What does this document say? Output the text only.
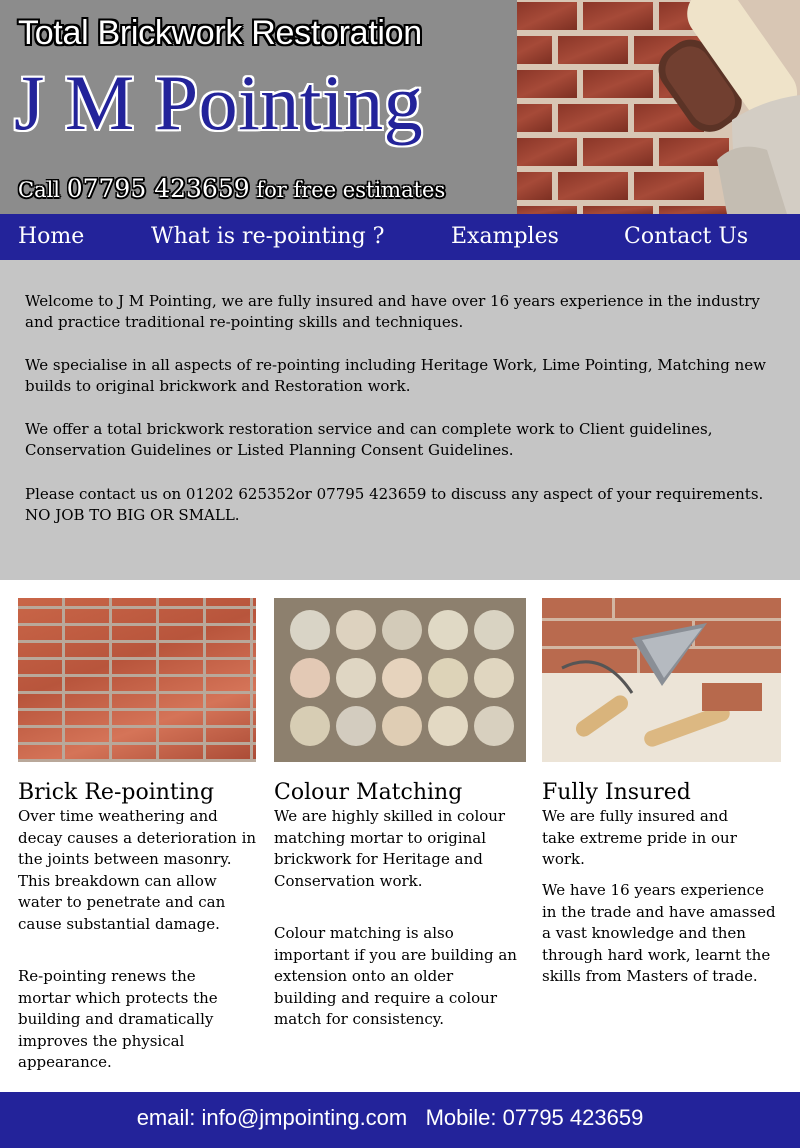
Total Brickwork Restoration
J M Pointing
Call 07795 423659 for free estimates
Home	What is re-pointing ?	Examples	Contact Us

Welcome to J M Pointing, we are fully insured and have over 16 years experience in the industry and practice traditional re-pointing skills and techniques.

We specialise in all aspects of re-pointing including Heritage Work, Lime Pointing, Matching new builds to original brickwork and Restoration work.

We offer a total brickwork restoration service and can complete work to Client guidelines, Conservation Guidelines or Listed Planning Consent Guidelines.

Please contact us on 01202 625352or 07795 423659 to discuss any aspect of your requirements. NO JOB TO BIG OR SMALL.

Brick Re-pointing

Over time weathering and decay causes a deterioration in the joints between masonry. This breakdown can allow water to penetrate and can cause substantial damage.

Re-pointing renews the mortar which protects the building and dramatically improves the physical appearance.

Colour Matching

We are highly skilled in colour matching mortar to original brickwork for Heritage and Conservation work.

Colour matching is also important if you are building an extension onto an older building and require a colour match for consistency.

Fully Insured

We are fully insured and take extreme pride in our work.

We have 16 years experience in the trade and have amassed a vast knowledge and then through hard work, learnt the skills from Masters of trade.

email: info@jmpointing.com   Mobile: 07795 423659
